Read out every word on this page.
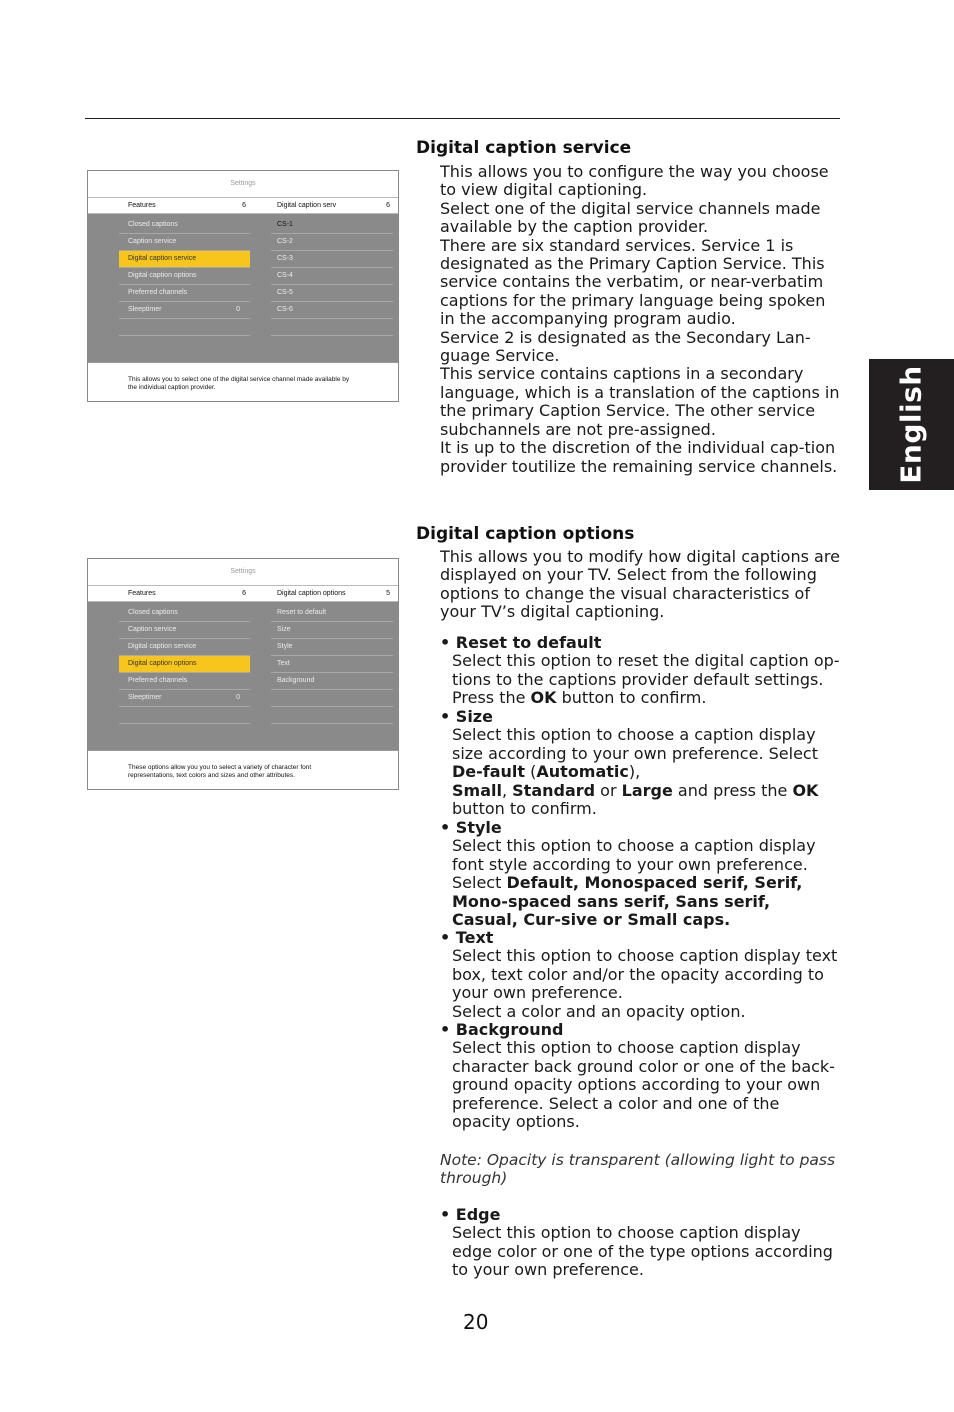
English
Settings
Features	6	Digital caption serv	6
Closed captions
Caption service
Digital caption service
Digital caption options
Preferred channels
Sleeptimer	0
CS-1
CS-2
CS-3
CS-4
CS-5
CS-6
This allows you to select one of the digital service channel made available by the individual caption provider.
Settings
Features	6	Digital caption options	5
Closed captions
Caption service
Digital caption service
Digital caption options
Preferred channels
Sleeptimer	0
Reset to default
Size
Style
Text
Background
These options allow you you to select a variety of character font representations, text colors and sizes and other attributes.
Digital caption service

This allows you to configure the way you choose to view digital captioning.

Select one of the digital service channels made available by the caption provider.

There are six standard services. Service 1 is designated as the Primary Caption Service. This service contains the verbatim, or near-verbatim captions for the primary language being spoken in the accompanying program audio.

Service 2 is designated as the Secondary Lan-guage Service.

This service contains captions in a secondary language, which is a translation of the captions in the primary Caption Service. The other service subchannels are not pre-assigned.

It is up to the discretion of the individual cap-tion provider toutilize the remaining service channels.

Digital caption options
This allows you to modify how digital captions are displayed on your TV. Select from the following options to change the visual characteristics of your TV’s digital captioning.
• Reset to default
Select this option to reset the digital caption op-tions to the captions provider default settings. Press the OK button to confirm.
• Size
Select this option to choose a caption display size according to your own preference. Select De-fault (Automatic),
Small, Standard or Large and press the OK
button to confirm.
• Style
Select this option to choose a caption display font style according to your own preference. Select Default, Monospaced serif, Serif, Mono-spaced sans serif, Sans serif, Casual, Cur-sive or Small caps.
• Text

Select this option to choose caption display text box, text color and/or the opacity according to your own preference.

Select a color and an opacity option.

• Background
Select this option to choose caption display character back ground color or one of the back-ground opacity options according to your own preference. Select a color and one of the opacity options.
Note: Opacity is transparent (allowing light to pass through)
• Edge
Select this option to choose caption display edge color or one of the type options according to your own preference.
20
